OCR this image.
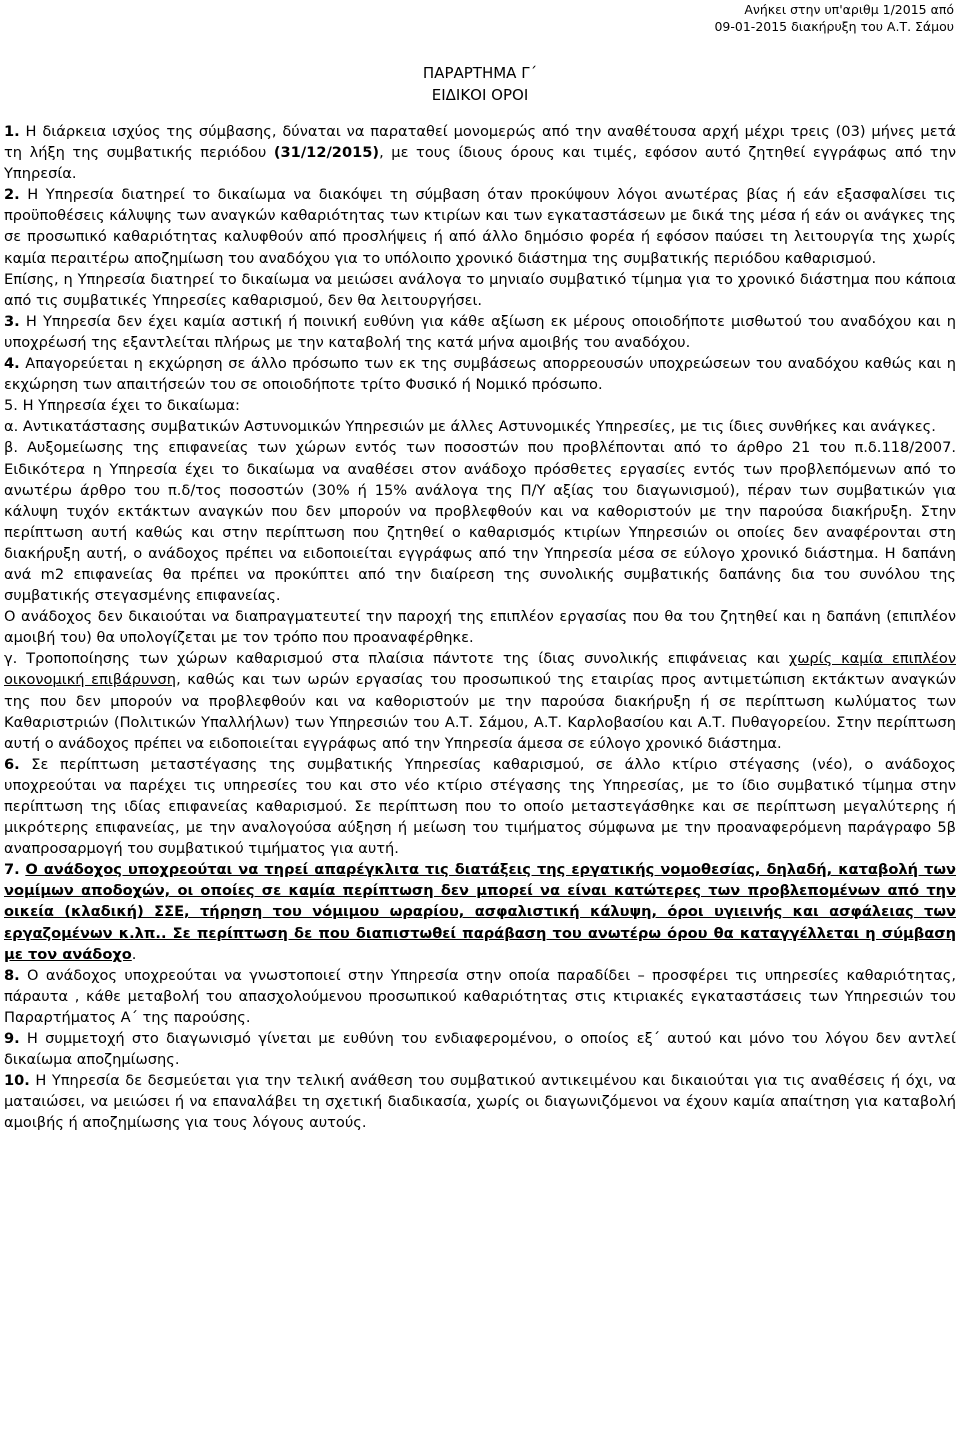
Ανήκει στην υπ'αριθμ 1/2015 από
09-01-2015 διακήρυξη του Α.Τ. Σάμου
ΠΑΡΑΡΤΗΜΑ Γ΄
ΕΙΔΙΚΟΙ ΟΡΟΙ

1. Η διάρκεια ισχύος της σύμβασης, δύναται να παραταθεί μονομερώς από την αναθέτουσα αρχή μέχρι τρεις (03) μήνες μετά τη λήξη της συμβατικής περιόδου (31/12/2015), με τους ίδιους όρους και τιμές, εφόσον αυτό ζητηθεί εγγράφως από την Υπηρεσία.

2. Η Υπηρεσία διατηρεί το δικαίωμα να διακόψει τη σύμβαση όταν προκύψουν λόγοι ανωτέρας βίας ή εάν εξασφαλίσει τις προϋποθέσεις κάλυψης των αναγκών καθαριότητας των κτιρίων και των εγκαταστάσεων με δικά της μέσα ή εάν οι ανάγκες της σε προσωπικό καθαριότητας καλυφθούν από προσλήψεις ή από άλλο δημόσιο φορέα ή εφόσον παύσει τη λειτουργία της χωρίς καμία περαιτέρω αποζημίωση του αναδόχου για το υπόλοιπο χρονικό διάστημα της συμβατικής περιόδου καθαρισμού.

Επίσης, η Υπηρεσία διατηρεί το δικαίωμα να μειώσει ανάλογα το μηνιαίο συμβατικό τίμημα για το χρονικό διάστημα που κάποια από τις συμβατικές Υπηρεσίες καθαρισμού, δεν θα λειτουργήσει.

3. Η Υπηρεσία δεν έχει καμία αστική ή ποινική ευθύνη για κάθε αξίωση εκ μέρους οποιοδήποτε μισθωτού του αναδόχου και η υποχρέωσή της εξαντλείται πλήρως με την καταβολή της κατά μήνα αμοιβής του αναδόχου.

4. Απαγορεύεται η εκχώρηση σε άλλο πρόσωπο των εκ της συμβάσεως απορρεουσών υποχρεώσεων του αναδόχου καθώς και η εκχώρηση των απαιτήσεών του σε οποιοδήποτε τρίτο Φυσικό ή Νομικό πρόσωπο.

5. Η Υπηρεσία έχει το δικαίωμα:

α. Αντικατάστασης συμβατικών Αστυνομικών Υπηρεσιών με άλλες Αστυνομικές Υπηρεσίες, με τις ίδιες συνθήκες και ανάγκες.

β. Αυξομείωσης της επιφανείας των χώρων εντός των ποσοστών που προβλέπονται από το άρθρο 21 του π.δ.118/2007. Ειδικότερα η Υπηρεσία έχει το δικαίωμα να αναθέσει στον ανάδοχο πρόσθετες εργασίες εντός των προβλεπόμενων από το ανωτέρω άρθρο του π.δ/τος ποσοστών (30% ή 15% ανάλογα της Π/Υ αξίας του διαγωνισμού), πέραν των συμβατικών για κάλυψη τυχόν εκτάκτων αναγκών που δεν μπορούν να προβλεφθούν και να καθοριστούν με την παρούσα διακήρυξη. Στην περίπτωση αυτή καθώς και στην περίπτωση που ζητηθεί ο καθαρισμός κτιρίων Υπηρεσιών οι οποίες δεν αναφέρονται στη διακήρυξη αυτή, ο ανάδοχος πρέπει να ειδοποιείται εγγράφως από την Υπηρεσία μέσα σε εύλογο χρονικό διάστημα. Η δαπάνη ανά m2 επιφανείας θα πρέπει να προκύπτει από την διαίρεση της συνολικής συμβατικής δαπάνης δια του συνόλου της συμβατικής στεγασμένης επιφανείας.

Ο ανάδοχος δεν δικαιούται να διαπραγματευτεί την παροχή της επιπλέον εργασίας που θα του ζητηθεί και η δαπάνη (επιπλέον αμοιβή του) θα υπολογίζεται με τον τρόπο που προαναφέρθηκε.

γ. Τροποποίησης των χώρων καθαρισμού στα πλαίσια πάντοτε της ίδιας συνολικής επιφάνειας και χωρίς καμία επιπλέον οικονομική επιβάρυνση, καθώς και των ωρών εργασίας του προσωπικού της εταιρίας προς αντιμετώπιση εκτάκτων αναγκών της που δεν μπορούν να προβλεφθούν και να καθοριστούν με την παρούσα διακήρυξη ή σε περίπτωση κωλύματος των Καθαριστριών (Πολιτικών Υπαλλήλων) των Υπηρεσιών του Α.Τ. Σάμου, Α.Τ. Καρλοβασίου και Α.Τ. Πυθαγορείου. Στην περίπτωση αυτή ο ανάδοχος πρέπει να ειδοποιείται εγγράφως από την Υπηρεσία άμεσα σε εύλογο χρονικό διάστημα.

6. Σε περίπτωση μεταστέγασης της συμβατικής Υπηρεσίας καθαρισμού, σε άλλο κτίριο στέγασης (νέο), ο ανάδοχος υποχρεούται να παρέχει τις υπηρεσίες του και στο νέο κτίριο στέγασης της Υπηρεσίας, με το ίδιο συμβατικό τίμημα στην περίπτωση της ιδίας επιφανείας καθαρισμού. Σε περίπτωση που το οποίο μεταστεγάσθηκε και σε περίπτωση μεγαλύτερης ή μικρότερης επιφανείας, με την αναλογούσα αύξηση ή μείωση του τιμήματος σύμφωνα με την προαναφερόμενη παράγραφο 5β αναπροσαρμογή του συμβατικού τιμήματος για αυτή.

7. Ο ανάδοχος υποχρεούται να τηρεί απαρέγκλιτα τις διατάξεις της εργατικής νομοθεσίας, δηλαδή, καταβολή των νομίμων αποδοχών, οι οποίες σε καμία περίπτωση δεν μπορεί να είναι κατώτερες των προβλεπομένων από την οικεία (κλαδική) ΣΣΕ, τήρηση του νόμιμου ωραρίου, ασφαλιστική κάλυψη, όροι υγιεινής και ασφάλειας των εργαζομένων κ.λπ.. Σε περίπτωση δε που διαπιστωθεί παράβαση του ανωτέρω όρου θα καταγγέλλεται η σύμβαση με τον ανάδοχο.

8. Ο ανάδοχος υποχρεούται να γνωστοποιεί στην Υπηρεσία στην οποία παραδίδει – προσφέρει τις υπηρεσίες καθαριότητας, πάραυτα , κάθε μεταβολή του απασχολούμενου προσωπικού καθαριότητας στις κτιριακές εγκαταστάσεις των Υπηρεσιών του Παραρτήματος Α΄ της παρούσης.

9. Η συμμετοχή στο διαγωνισμό γίνεται με ευθύνη του ενδιαφερομένου, ο οποίος εξ΄ αυτού και μόνο του λόγου δεν αντλεί δικαίωμα αποζημίωσης.

10. Η Υπηρεσία δε δεσμεύεται για την τελική ανάθεση του συμβατικού αντικειμένου και δικαιούται για τις αναθέσεις ή όχι, να ματαιώσει, να μειώσει ή να επαναλάβει τη σχετική διαδικασία, χωρίς οι διαγωνιζόμενοι να έχουν καμία απαίτηση για καταβολή αμοιβής ή αποζημίωσης για τους λόγους αυτούς.
